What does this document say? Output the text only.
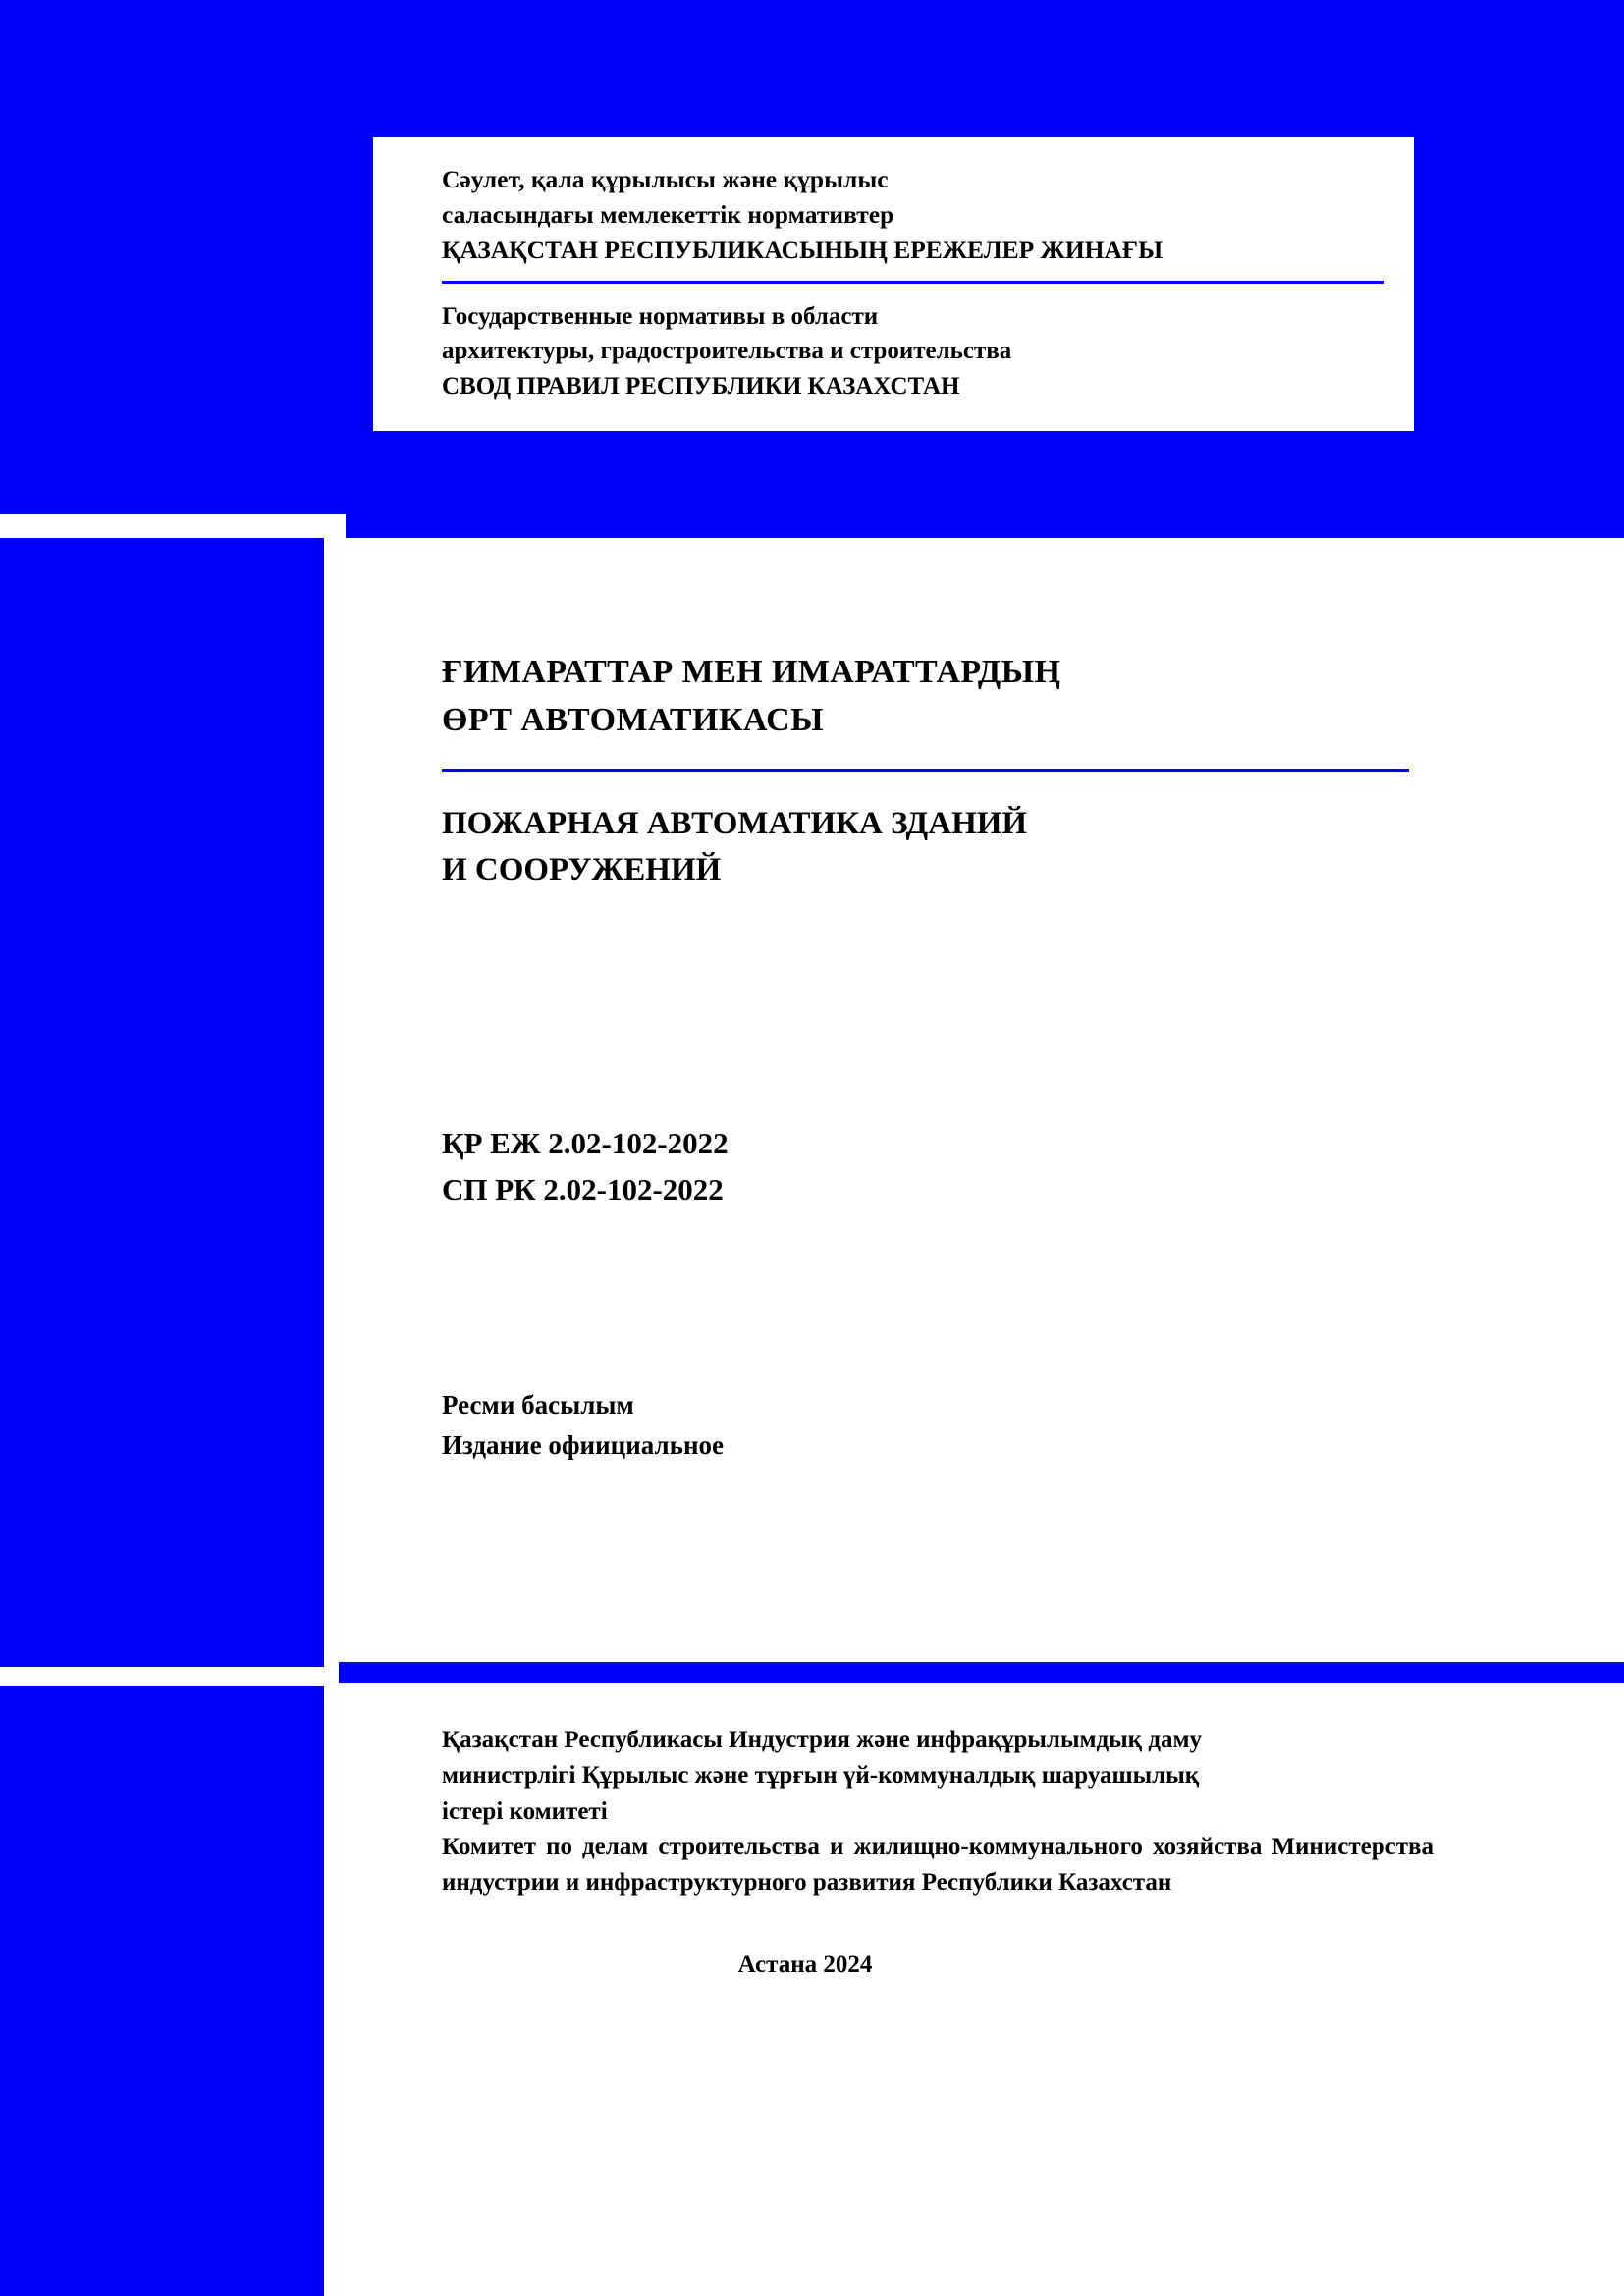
Сәулет, қала құрылысы және құрылыс
саласындағы мемлекеттік нормативтер
ҚАЗАҚСТАН РЕСПУБЛИКАСЫНЫҢ ЕРЕЖЕЛЕР ЖИНАҒЫ
Государственные нормативы в области
архитектуры, градостроительства и строительства
СВОД ПРАВИЛ РЕСПУБЛИКИ КАЗАХСТАН
ҒИМАРАТТАР МЕН ИМАРАТТАРДЫҢ
ӨРТ АВТОМАТИКАСЫ
ПОЖАРНАЯ АВТОМАТИКА ЗДАНИЙ
И СООРУЖЕНИЙ
ҚР ЕЖ 2.02-102-2022
СП РК 2.02-102-2022
Ресми басылым
Издание офиициальное
Қазақстан Республикасы Индустрия және инфрақұрылымдық даму
министрлігі Құрылыс және тұрғын үй-коммуналдық шаруашылық
істері комитеті
Комитет по делам строительства и жилищно-коммунального хозяйства Министерства индустрии и инфраструктурного развития Республики Казахстан
Астана 2024
